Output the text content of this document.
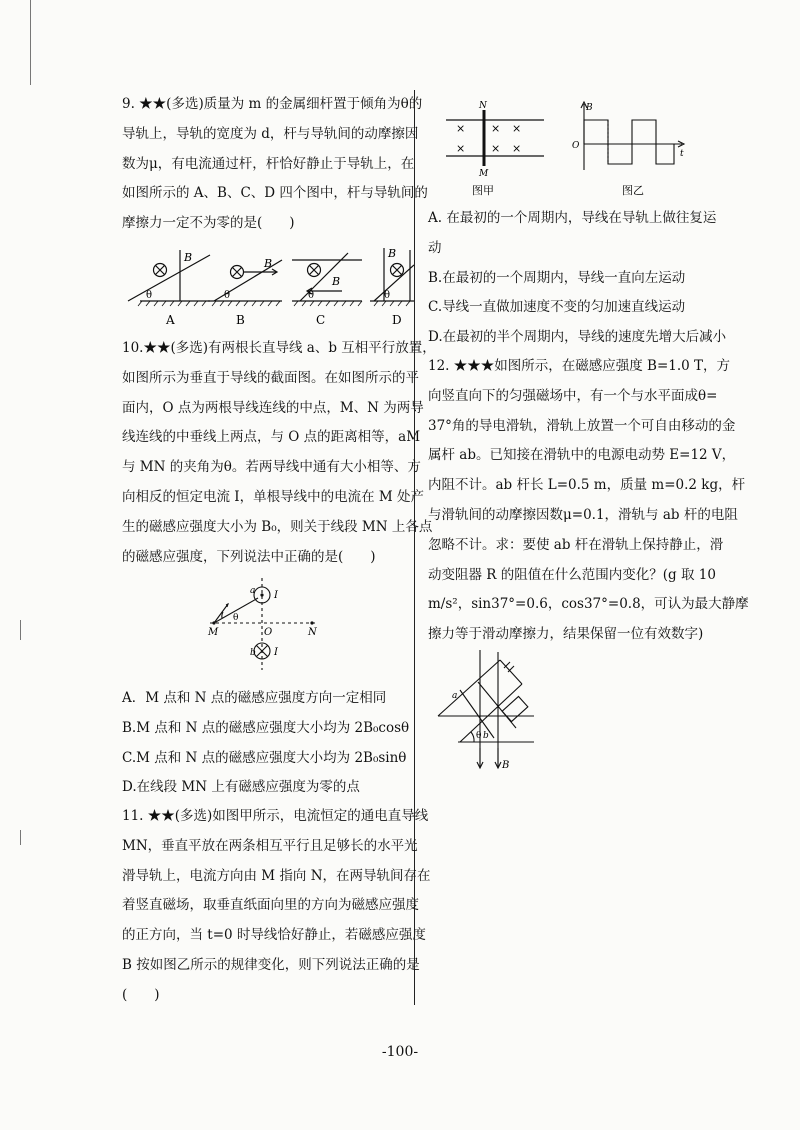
9. ★★(多选)质量为 m 的金属细杆置于倾角为θ的
导轨上，导轨的宽度为 d，杆与导轨间的动摩擦因
数为μ，有电流通过杆，杆恰好静止于导轨上，在
如图所示的 A、B、C、D 四个图中，杆与导轨间的
摩擦力一定不为零的是(　　)
B
θ
B
θ
B
θ
B
θ
A	B	C	D
10.★★(多选)有两根长直导线 a、b 互相平行放置，
如图所示为垂直于导线的截面图。在如图所示的平
面内，O 点为两根导线连线的中点，M、N 为两导
线连线的中垂线上两点，与 O 点的距离相等，aM
与 MN 的夹角为θ。若两导线中通有大小相等、方
向相反的恒定电流 I，单根导线中的电流在 M 处产
生的磁感应强度大小为 B₀，则关于线段 MN 上各点
的磁感应强度，下列说法中正确的是(　　)
a I
b I
M	N
O
θ
A．M 点和 N 点的磁感应强度方向一定相同
B.M 点和 N 点的磁感应强度大小均为 2B₀cosθ
C.M 点和 N 点的磁感应强度大小均为 2B₀sinθ
D.在线段 MN 上有磁感应强度为零的点
11. ★★(多选)如图甲所示，电流恒定的通电直导线
MN，垂直平放在两条相互平行且足够长的水平光
滑导轨上，电流方向由 M 指向 N，在两导轨间存在
着竖直磁场，取垂直纸面向里的方向为磁感应强度
的正方向，当 t=0 时导线恰好静止，若磁感应强度
B 按如图乙所示的规律变化，则下列说法正确的是
(　　)
× × ×
× × ×
N
M
图甲
B
O
t
图乙
A. 在最初的一个周期内，导线在导轨上做往复运
动
B.在最初的一个周期内，导线一直向左运动
C.导线一直做加速度不变的匀加速直线运动
D.在最初的半个周期内，导线的速度先增大后减小
12. ★★★如图所示，在磁感应强度 B=1.0 T，方
向竖直向下的匀强磁场中，有一个与水平面成θ=
37°角的导电滑轨，滑轨上放置一个可自由移动的金
属杆 ab。已知接在滑轨中的电源电动势 E=12 V，
内阻不计。ab 杆长 L=0.5 m，质量 m=0.2 kg，杆
与滑轨间的动摩擦因数μ=0.1，滑轨与 ab 杆的电阻
忽略不计。求：要使 ab 杆在滑轨上保持静止，滑
动变阻器 R 的阻值在什么范围内变化？(g 取 10
m/s²，sin37°=0.6，cos37°=0.8，可认为最大静摩
擦力等于滑动摩擦力，结果保留一位有效数字)
a
b
θ
B
-100-
